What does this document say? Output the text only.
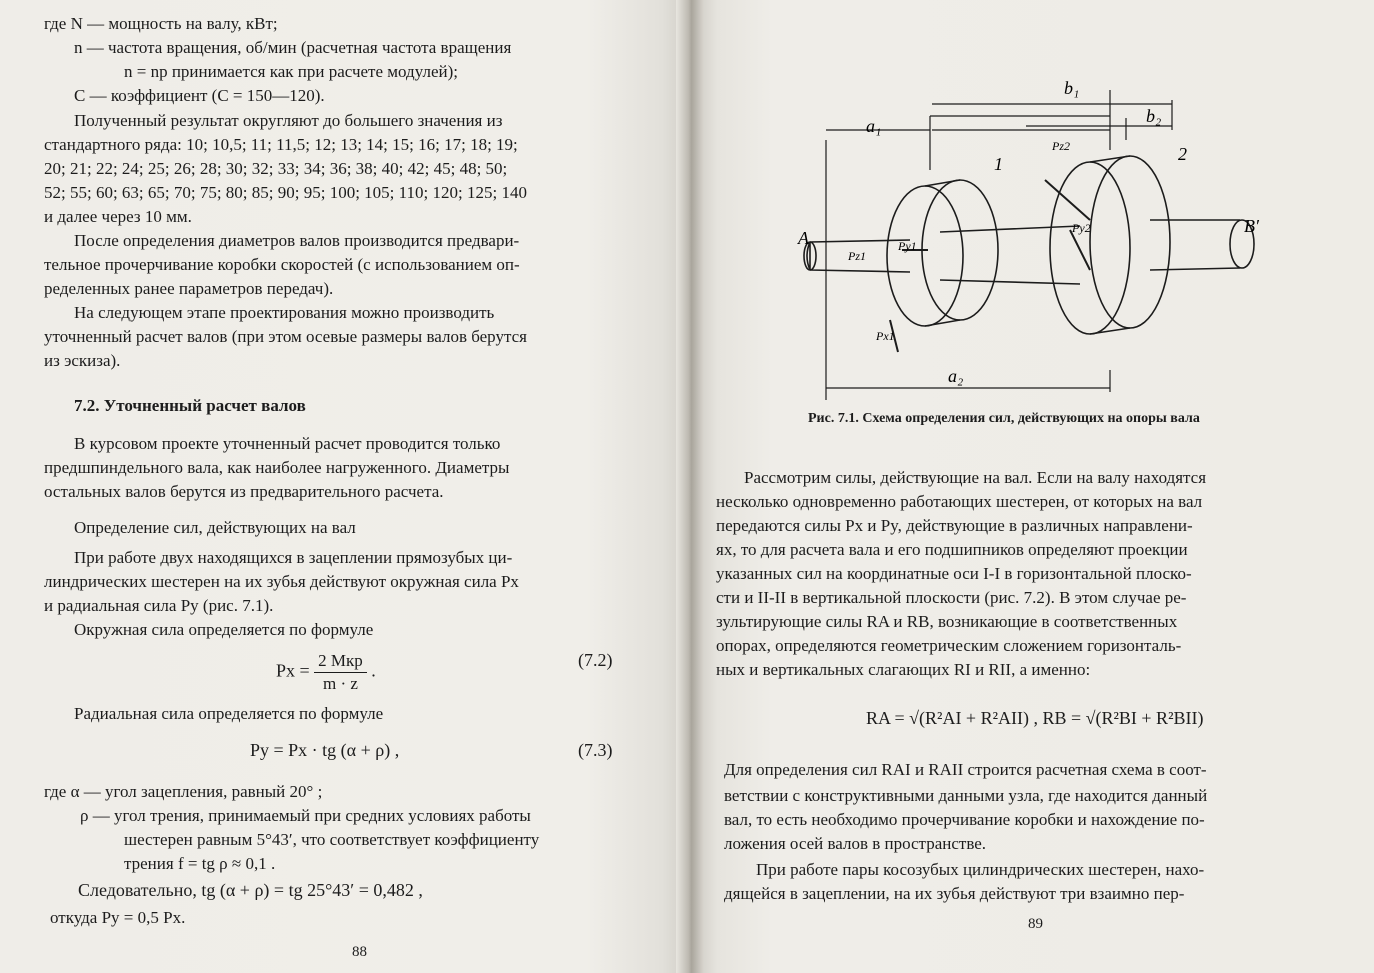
где N — мощность на валу, кВт;
n — частота вращения, об/мин (расчетная частота вращения
n = nр принимается как при расчете модулей);
C — коэффициент (C = 150—120).
Полученный результат округляют до большего значения из
стандартного ряда: 10; 10,5; 11; 11,5; 12; 13; 14; 15; 16; 17; 18; 19;
20; 21; 22; 24; 25; 26; 28; 30; 32; 33; 34; 36; 38; 40; 42; 45; 48; 50;
52; 55; 60; 63; 65; 70; 75; 80; 85; 90; 95; 100; 105; 110; 120; 125; 140
и далее через 10 мм.
После определения диаметров валов производится предвари-
тельное прочерчивание коробки скоростей (с использованием оп-
ределенных ранее параметров передач).
На следующем этапе проектирования можно производить
уточненный расчет валов (при этом осевые размеры валов берутся
из эскиза).
7.2. Уточненный расчет валов
В курсовом проекте уточненный расчет проводится только
предшпиндельного вала, как наиболее нагруженного. Диаметры
остальных валов берутся из предварительного расчета.
Определение сил, действующих на вал
При работе двух находящихся в зацеплении прямозубых ци-
линдрических шестерен на их зубья действуют окружная сила Pх
и радиальная сила Py (рис. 7.1).
Окружная сила определяется по формуле
$Px = \frac{\text{2 Mкр}}{m \cdot z}$ .
(7.2)
Радиальная сила определяется по формуле
Py = Px · tg (α + ρ) ,	(7.3)
где α — угол зацепления, равный 20° ;
ρ — угол трения, принимаемый при средних условиях работы
шестерен равным 5°43′, что соответствует коэффициенту
трения f = tg ρ ≈ 0,1 .
Следовательно, tg (α + ρ) = tg 25°43′ = 0,482 ,
откуда Py = 0,5 Px.
88
a₁
b₁
b₂
a₂
1	2
A
B′
Pz2
Pz1
Py1
Py2
Px1
Рис. 7.1. Схема определения сил, действующих на опоры вала
Рассмотрим силы, действующие на вал. Если на валу находятся
несколько одновременно работающих шестерен, от которых на вал
передаются силы Px и Py, действующие в различных направлени-
ях, то для расчета вала и его подшипников определяют проекции
указанных сил на координатные оси I-I в горизонтальной плоско-
сти и II-II в вертикальной плоскости (рис. 7.2). В этом случае ре-
зультирующие силы RA и RB, возникающие в соответственных
опорах, определяются геометрическим сложением горизонталь-
ных и вертикальных слагающих RI и RII, а именно:
RA = √(R²AI + R²AII) , RB = √(R²BI + R²BII)
Для определения сил RAI и RAII строится расчетная схема в соот-
ветствии с конструктивными данными узла, где находится данный
вал, то есть необходимо прочерчивание коробки и нахождение по-
ложения осей валов в пространстве.
При работе пары косозубых цилиндрических шестерен, нахо-
дящейся в зацеплении, на их зубья действуют три взаимно пер-
89
